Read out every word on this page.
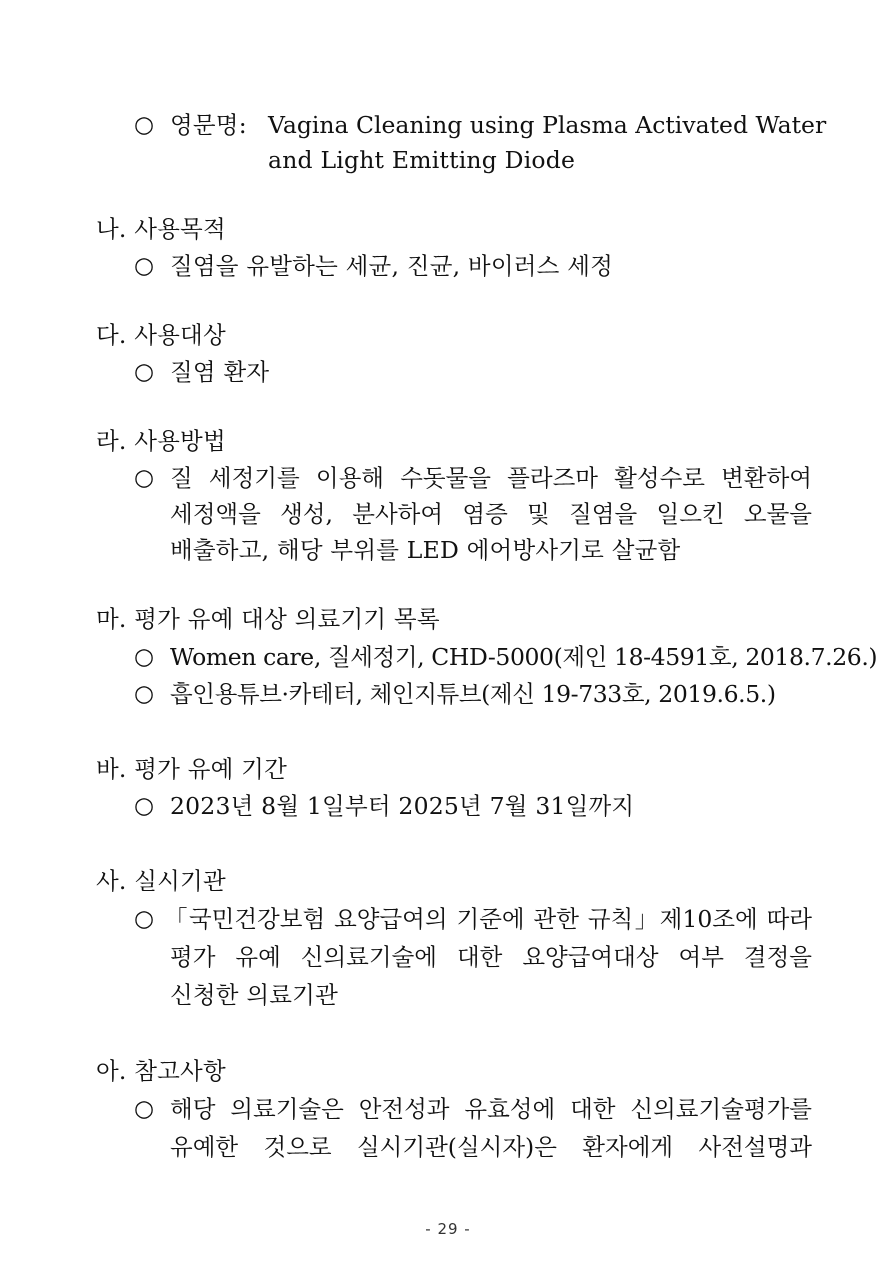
○ 영문명: Vagina Cleaning using Plasma Activated Water
and Light Emitting Diode
나. 사용목적
○ 질염을 유발하는 세균, 진균, 바이러스 세정
다. 사용대상
○ 질염 환자
라. 사용방법
○ 질 세정기를 이용해 수돗물을 플라즈마 활성수로 변환하여
세정액을 생성, 분사하여 염증 및 질염을 일으킨 오물을
배출하고, 해당 부위를 LED 에어방사기로 살균함
마. 평가 유예 대상 의료기기 목록
○ Women care, 질세정기, CHD-5000(제인 18-4591호, 2018.7.26.)
○ 흡인용튜브·카테터, 체인지튜브(제신 19-733호, 2019.6.5.)
바. 평가 유예 기간
○ 2023년 8월 1일부터 2025년 7월 31일까지
사. 실시기관
○ 「국민건강보험 요양급여의 기준에 관한 규칙」제10조에 따라
평가 유예 신의료기술에 대한 요양급여대상 여부 결정을
신청한 의료기관
아. 참고사항
○ 해당 의료기술은 안전성과 유효성에 대한 신의료기술평가를
유예한 것으로 실시기관(실시자)은 환자에게 사전설명과
- 29 -
